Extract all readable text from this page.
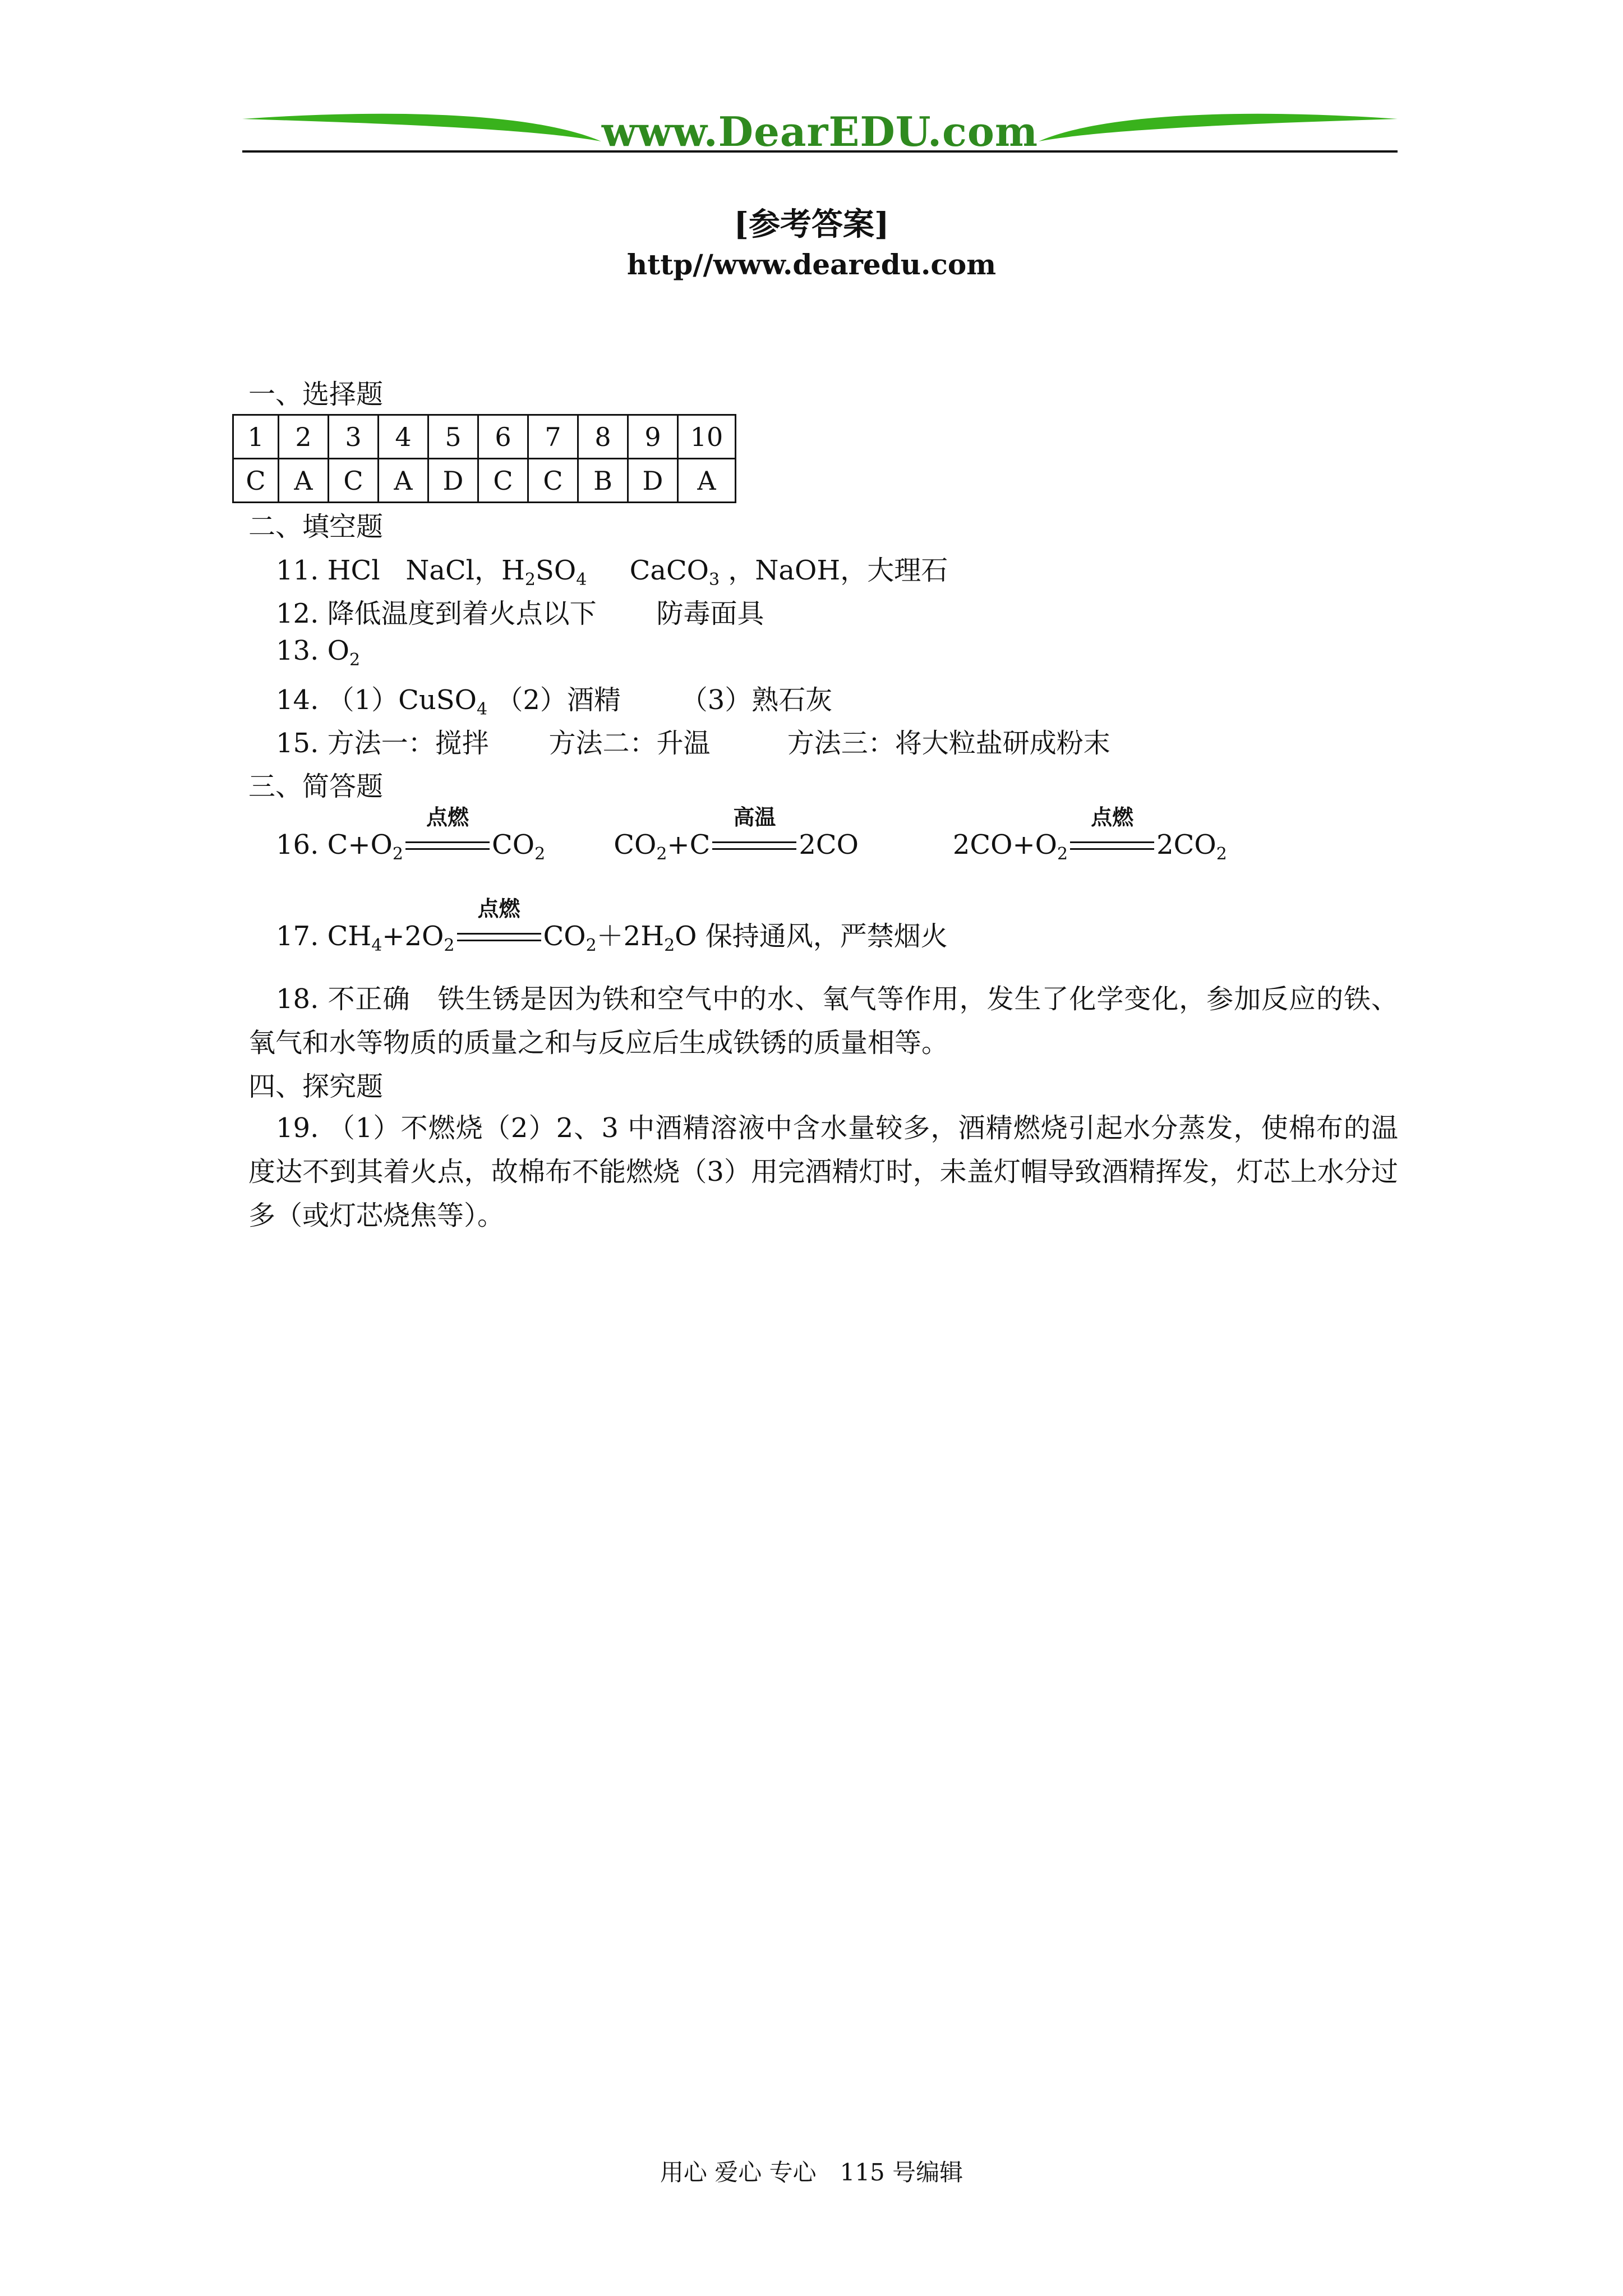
www.DearEDU.com
[参考答案]
http//www.dearedu.com
一、选择题
1	2	3	4	5	6	7	8	9	10
C	A	C	A	D	C	C	B	D	A
二、填空题
11. HCl NaCl，$H_2SO_4$ CaCO$_3$ ，NaOH，大理石
12. 降低温度到着火点以下 防毒面具
13. $O_2$
14. （1）CuSO$_4$ （2）酒精 （3）熟石灰
15. 方法一：搅拌 方法二：升温	方法三：将大粒盐研成粉末
三、简答题
16. $C+O_2$
点燃
$CO_2$	$CO_2+C$
高温
2CO	$2CO+O_2$
点燃
$2CO_2$
17. $CH_4+2O_2$
点燃
$CO_2+2H_2O$ 保持通风，严禁烟火
18. 不正确　铁生锈是因为铁和空气中的水、氧气等作用，发生了化学变化，参加反应的铁、氧气和水等物质的质量之和与反应后生成铁锈的质量相等。
四、探究题
19. （1）不燃烧（2）2、3 中酒精溶液中含水量较多，酒精燃烧引起水分蒸发，使棉布的温度达不到其着火点，故棉布不能燃烧（3）用完酒精灯时，未盖灯帽导致酒精挥发，灯芯上水分过多（或灯芯烧焦等）。
用心 爱心 专心　115 号编辑
